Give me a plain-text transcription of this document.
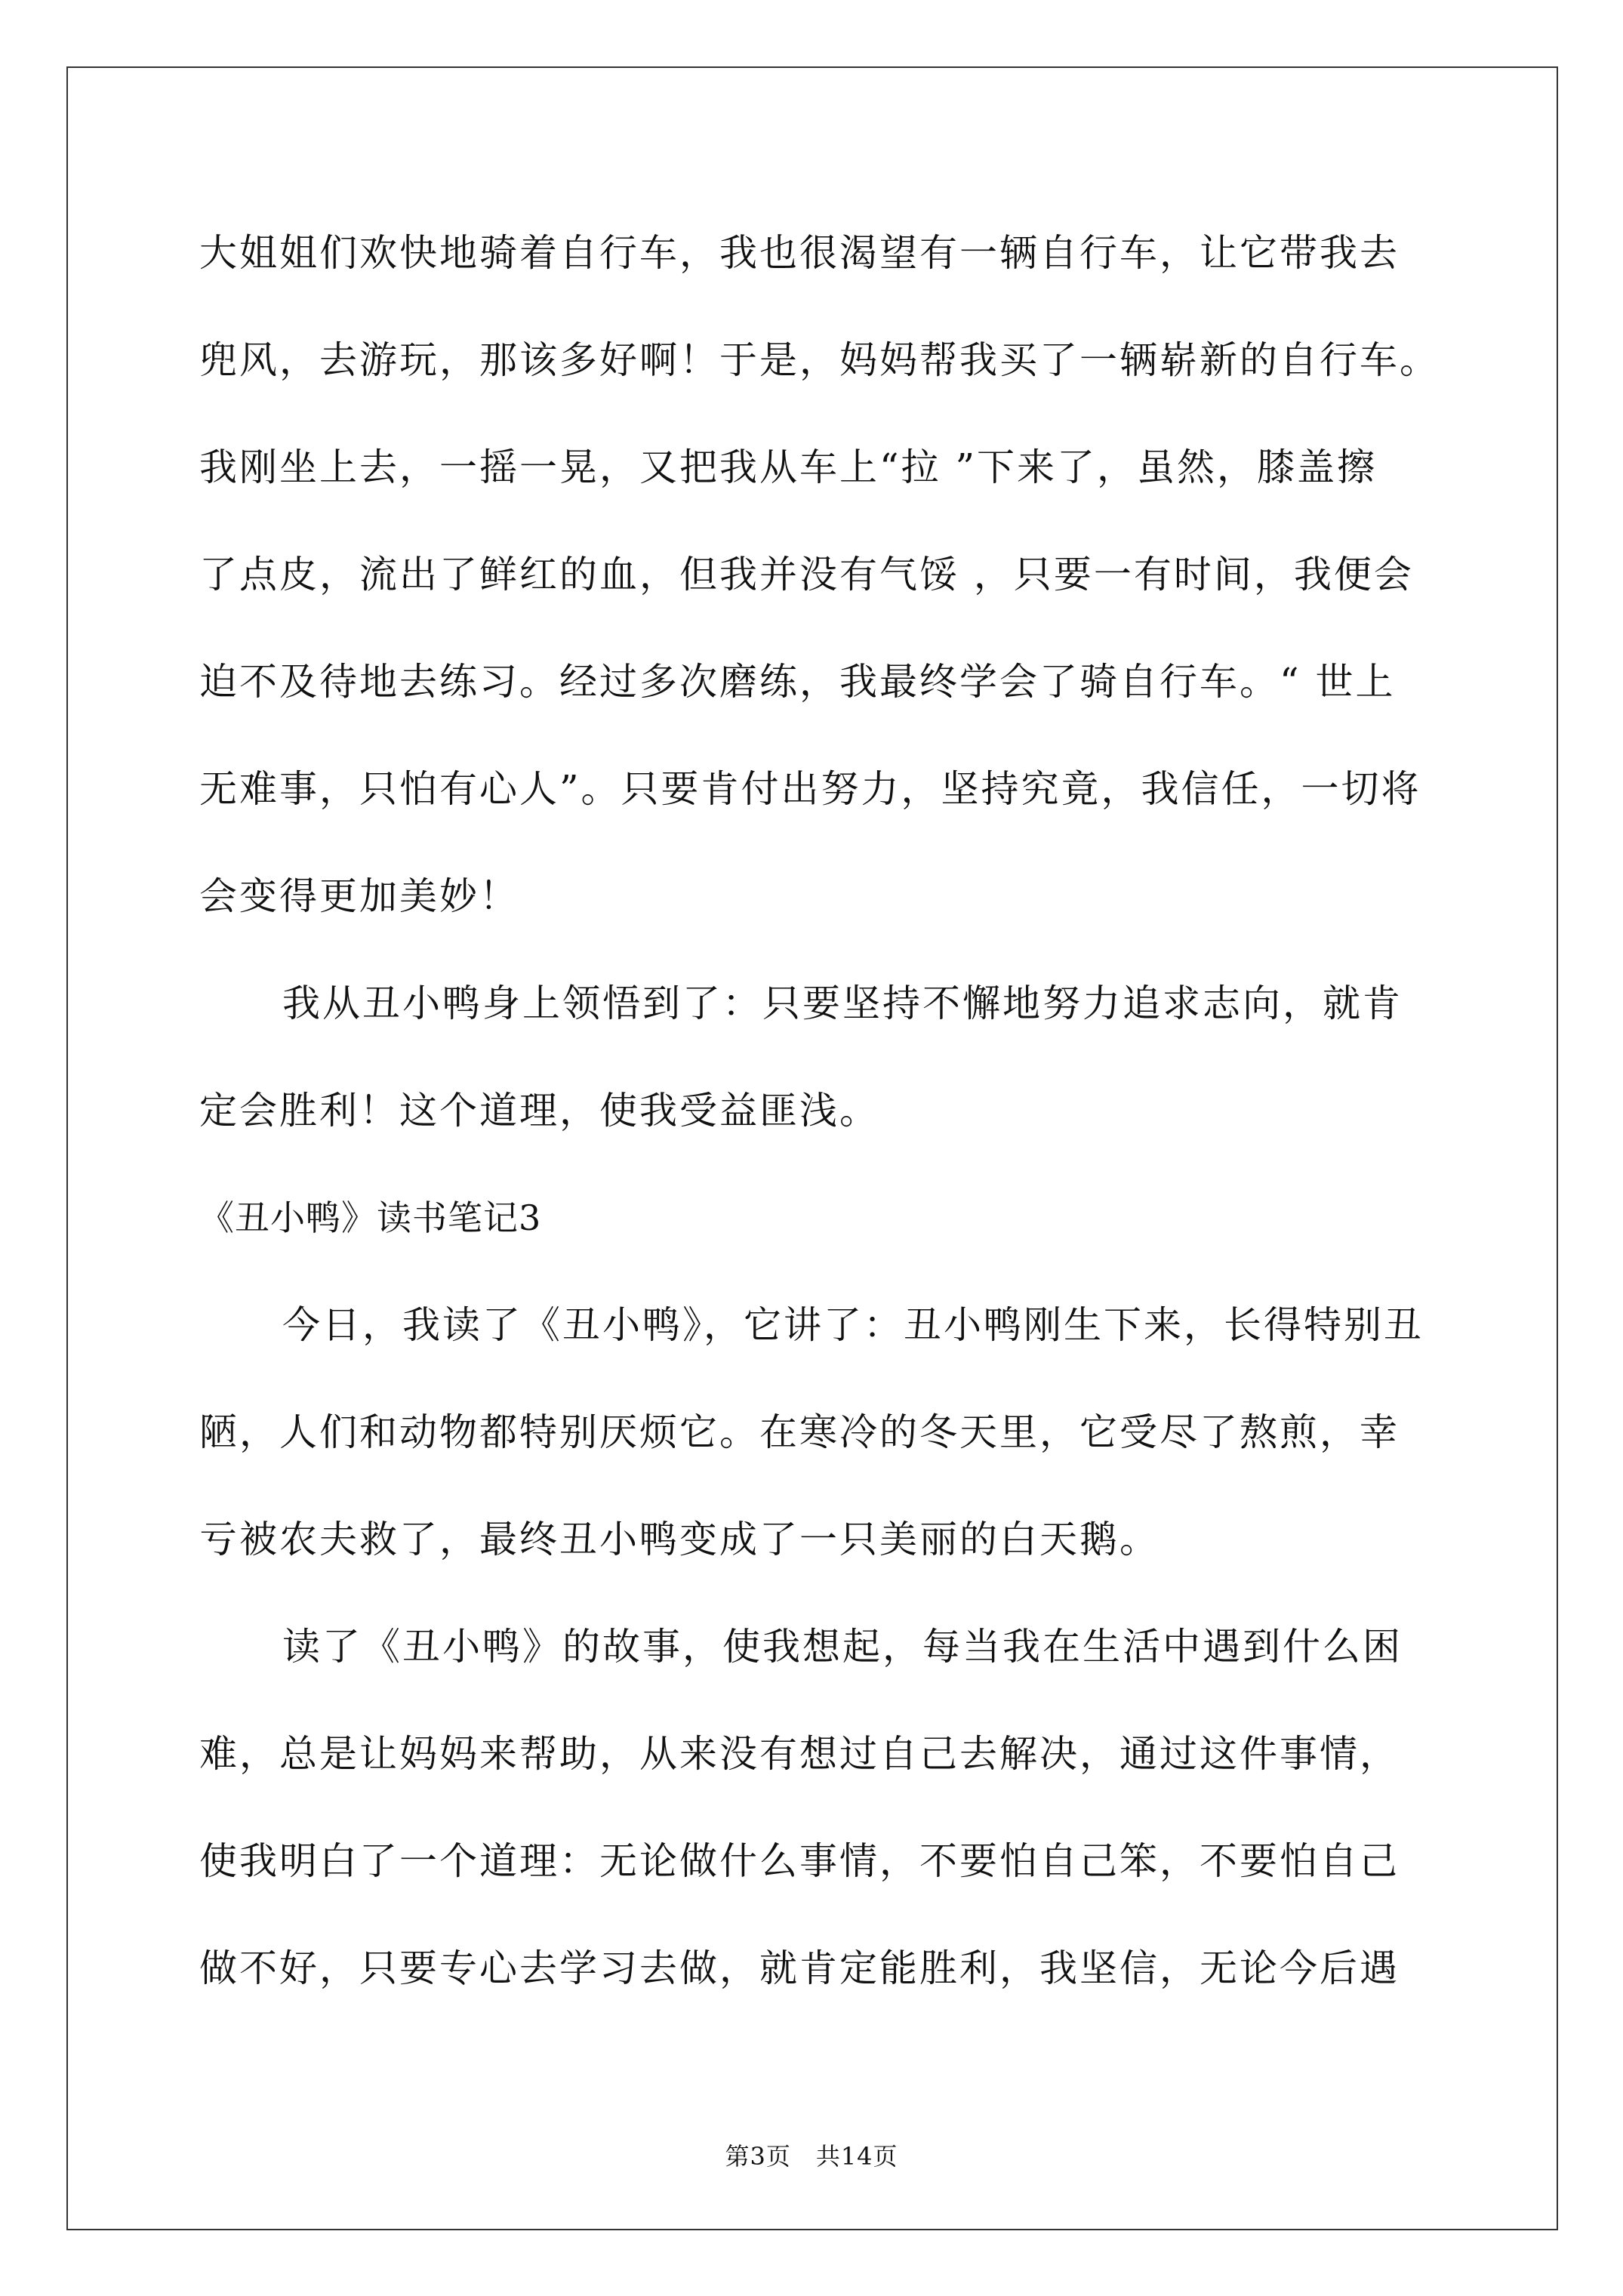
大姐姐们欢快地骑着自行车，我也很渴望有一辆自行车，让它带我去
兜风，去游玩，那该多好啊！于是，妈妈帮我买了一辆崭新的自行车。
我刚坐上去，一摇一晃，又把我从车上“拉 ”下来了，虽然，膝盖擦
了点皮，流出了鲜红的血，但我并没有气馁 ，只要一有时间，我便会
迫不及待地去练习。经过多次磨练，我最终学会了骑自行车。“ 世上
无难事，只怕有心人”。只要肯付出努力，坚持究竟，我信任，一切将
会变得更加美妙！
我从丑小鸭身上领悟到了：只要坚持不懈地努力追求志向，就肯
定会胜利！这个道理，使我受益匪浅。
《丑小鸭》读书笔记3
今日，我读了《丑小鸭》，它讲了：丑小鸭刚生下来，长得特别丑
陋，人们和动物都特别厌烦它。在寒冷的冬天里，它受尽了熬煎，幸
亏被农夫救了，最终丑小鸭变成了一只美丽的白天鹅。
读了《丑小鸭》的故事，使我想起，每当我在生活中遇到什么困
难，总是让妈妈来帮助，从来没有想过自己去解决，通过这件事情，
使我明白了一个道理：无论做什么事情，不要怕自己笨，不要怕自己
做不好，只要专心去学习去做，就肯定能胜利，我坚信，无论今后遇
第3页　共14页
